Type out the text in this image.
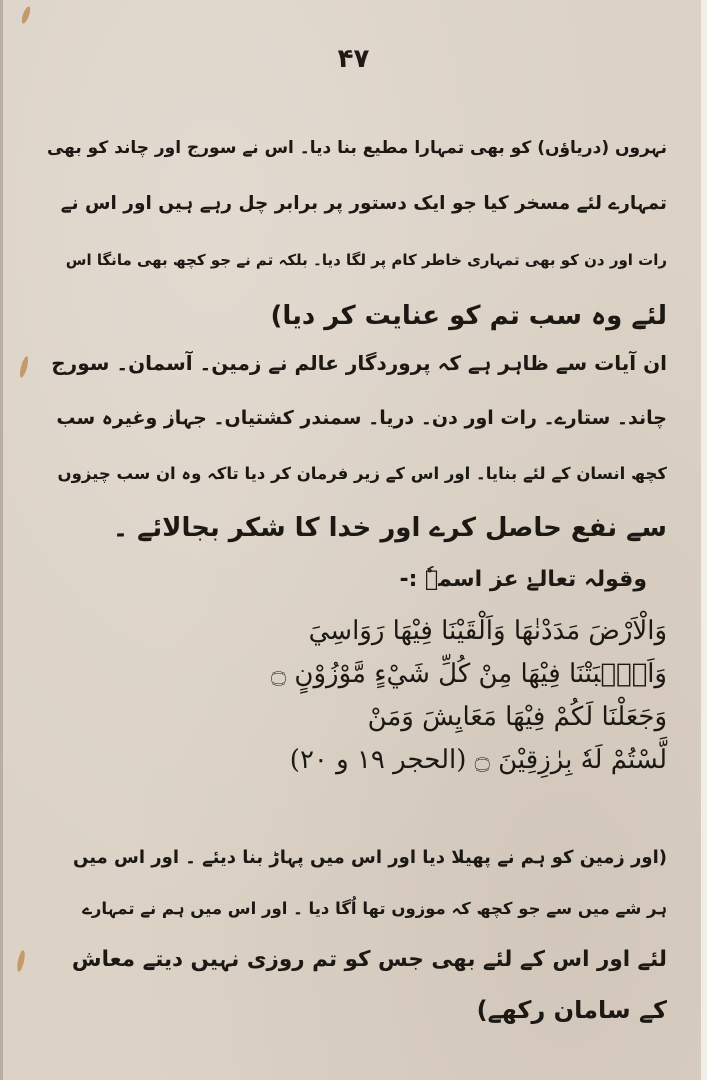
۴۷
نہروں (دریاؤں) کو بھی تمہارا مطیع بنا دیا۔ اس نے سورج اور چاند کو بھی
تمہارے لئے مسخر کیا جو ایک دستور پر برابر چل رہے ہیں اور اس نے
رات اور دن کو بھی تمہاری خاطر کام پر لگا دیا۔ بلکہ تم نے جو کچھ بھی مانگا اس
لئے وہ سب تم کو عنایت کر دیا)
ان آیات سے ظاہر ہے کہ پروردگار عالم نے زمین۔ آسمان۔ سورج
چاند۔ ستارے۔ رات اور دن۔ دریا۔ سمندر کشتیاں۔ جہاز وغیرہ سب
کچھ انسان کے لئے بنایا۔ اور اس کے زیر فرمان کر دیا تاکہ وہ ان سب چیزوں
سے نفع حاصل کرے اور خدا کا شکر بجالائے ۔
وقولہ تعالےٰ عز اسمہٗ :-
وَالْاَرْضَ مَدَدْنٰهَا وَاَلْقَيْنَا فِيْهَا رَوَاسِيَ
وَاَنْۢبَتْنَا فِيْهَا مِنْ كُلِّ شَيْءٍ مَّوْزُوْنٍ ۝
وَجَعَلْنَا لَكُمْ فِيْهَا مَعَايِشَ وَمَنْ
لَّسْتُمْ لَهٗ بِرٰزِقِيْنَ ۝ (الحجر ۱۹ و ۲۰)
(اور زمین کو ہم نے پھیلا دیا اور اس میں پہاڑ بنا دیئے ۔ اور اس میں
ہر شے میں سے جو کچھ کہ موزوں تھا اُگا دیا ۔ اور اس میں ہم نے تمہارے
لئے اور اس کے لئے بھی جس کو تم روزی نہیں دیتے معاش
کے سامان رکھے)
